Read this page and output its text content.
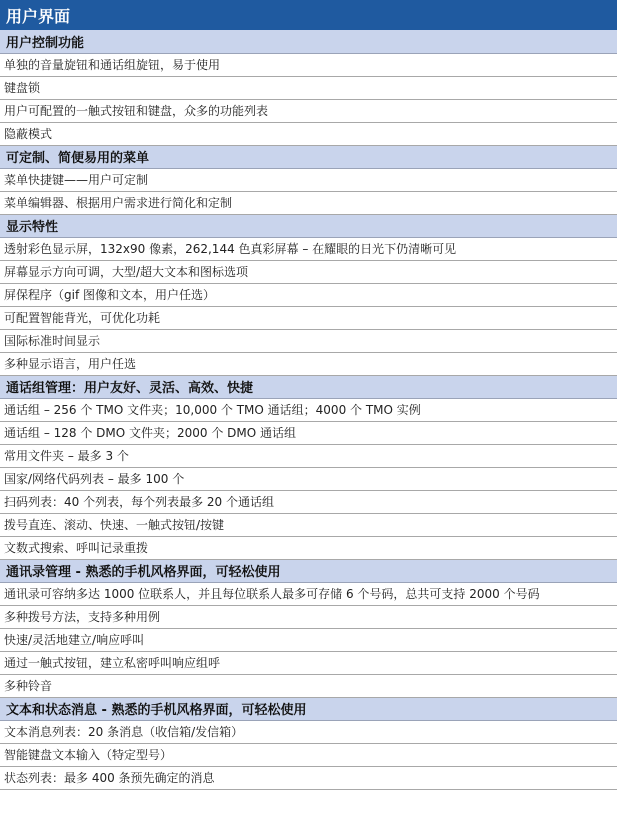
用户界面
用户控制功能
单独的音量旋钮和通话组旋钮，易于使用
键盘锁
用户可配置的一触式按钮和键盘，众多的功能列表
隐蔽模式
可定制、简便易用的菜单
菜单快捷键——用户可定制
菜单编辑器、根据用户需求进行简化和定制
显示特性
透射彩色显示屏，132x90 像素，262,144 色真彩屏幕 – 在耀眼的日光下仍清晰可见
屏幕显示方向可调，大型/超大文本和图标选项
屏保程序（gif 图像和文本，用户任选）
可配置智能背光，可优化功耗
国际标准时间显示
多种显示语言，用户任选
通话组管理：用户友好、灵活、高效、快捷
通话组 – 256 个 TMO 文件夹；10,000 个 TMO 通话组；4000 个 TMO 实例
通话组 – 128 个 DMO 文件夹；2000 个 DMO 通话组
常用文件夹 – 最多 3 个
国家/网络代码列表 – 最多 100 个
扫码列表：40 个列表，每个列表最多 20 个通话组
拨号直连、滚动、快速、一触式按钮/按键
文数式搜索、呼叫记录重拨
通讯录管理 - 熟悉的手机风格界面，可轻松使用
通讯录可容纳多达 1000 位联系人，并且每位联系人最多可存储 6 个号码，总共可支持 2000 个号码
多种拨号方法，支持多种用例
快速/灵活地建立/响应呼叫
通过一触式按钮，建立私密呼叫响应组呼
多种铃音
文本和状态消息 - 熟悉的手机风格界面，可轻松使用
文本消息列表：20 条消息（收信箱/发信箱）
智能键盘文本输入（特定型号）
状态列表：最多 400 条预先确定的消息
